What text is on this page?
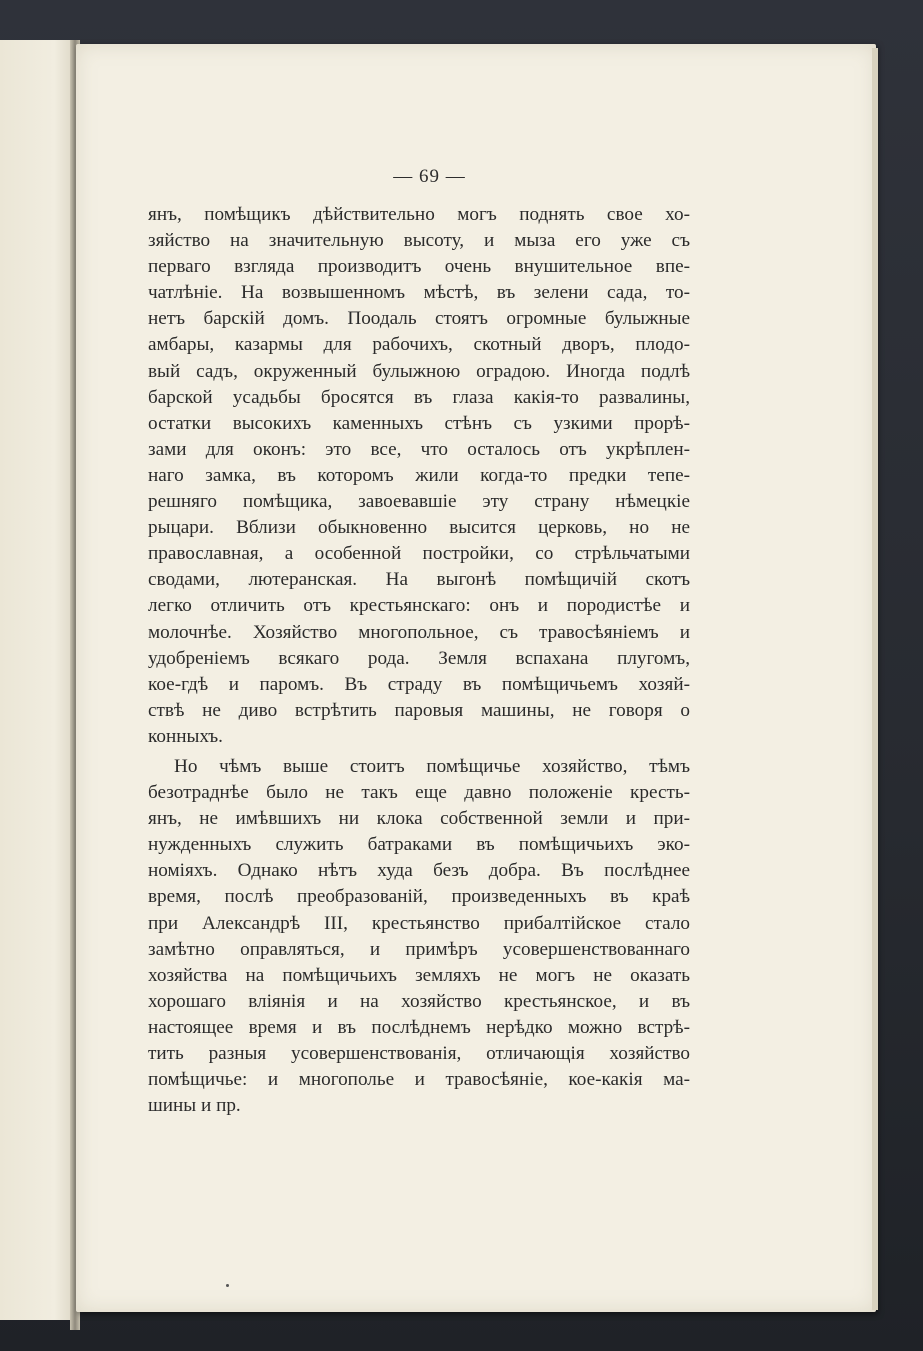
— 69 —
янъ, помѣщикъ дѣйствительно могъ поднять свое хо-
зяйство на значительную высоту, и мыза его уже съ
перваго взгляда производитъ очень внушительное впе-
чатлѣніе. На возвышенномъ мѣстѣ, въ зелени сада, то-
нетъ барскій домъ. Поодаль стоятъ огромные булыжные
амбары, казармы для рабочихъ, скотный дворъ, плодо-
вый садъ, окруженный булыжною оградою. Иногда подлѣ
барской усадьбы бросятся въ глаза какія-то развалины,
остатки высокихъ каменныхъ стѣнъ съ узкими прорѣ-
зами для оконъ: это все, что осталось отъ укрѣплен-
наго замка, въ которомъ жили когда-то предки тепе-
решняго помѣщика, завоевавшіе эту страну нѣмецкіе
рыцари. Вблизи обыкновенно высится церковь, но не
православная, а особенной постройки, со стрѣльчатыми
сводами, лютеранская. На выгонѣ помѣщичій скотъ
легко отличить отъ крестьянскаго: онъ и породистѣе и
молочнѣе. Хозяйство многопольное, съ травосѣяніемъ и
удобреніемъ всякаго рода. Земля вспахана плугомъ,
кое-гдѣ и паромъ. Въ страду въ помѣщичьемъ хозяй-
ствѣ не диво встрѣтить паровыя машины, не говоря о
конныхъ.
Но чѣмъ выше стоитъ помѣщичье хозяйство, тѣмъ
безотраднѣе было не такъ еще давно положеніе кресть-
янъ, не имѣвшихъ ни клока собственной земли и при-
нужденныхъ служить батраками въ помѣщичьихъ эко-
номіяхъ. Однако нѣтъ худа безъ добра. Въ послѣднее
время, послѣ преобразованій, произведенныхъ въ краѣ
при Александрѣ III, крестьянство прибалтійское стало
замѣтно оправляться, и примѣръ усовершенствованнаго
хозяйства на помѣщичьихъ земляхъ не могъ не оказать
хорошаго вліянія и на хозяйство крестьянское, и въ
настоящее время и въ послѣднемъ нерѣдко можно встрѣ-
тить разныя усовершенствованія, отличающія хозяйство
помѣщичье: и многополье и травосѣяніе, кое-какія ма-
шины и пр.
